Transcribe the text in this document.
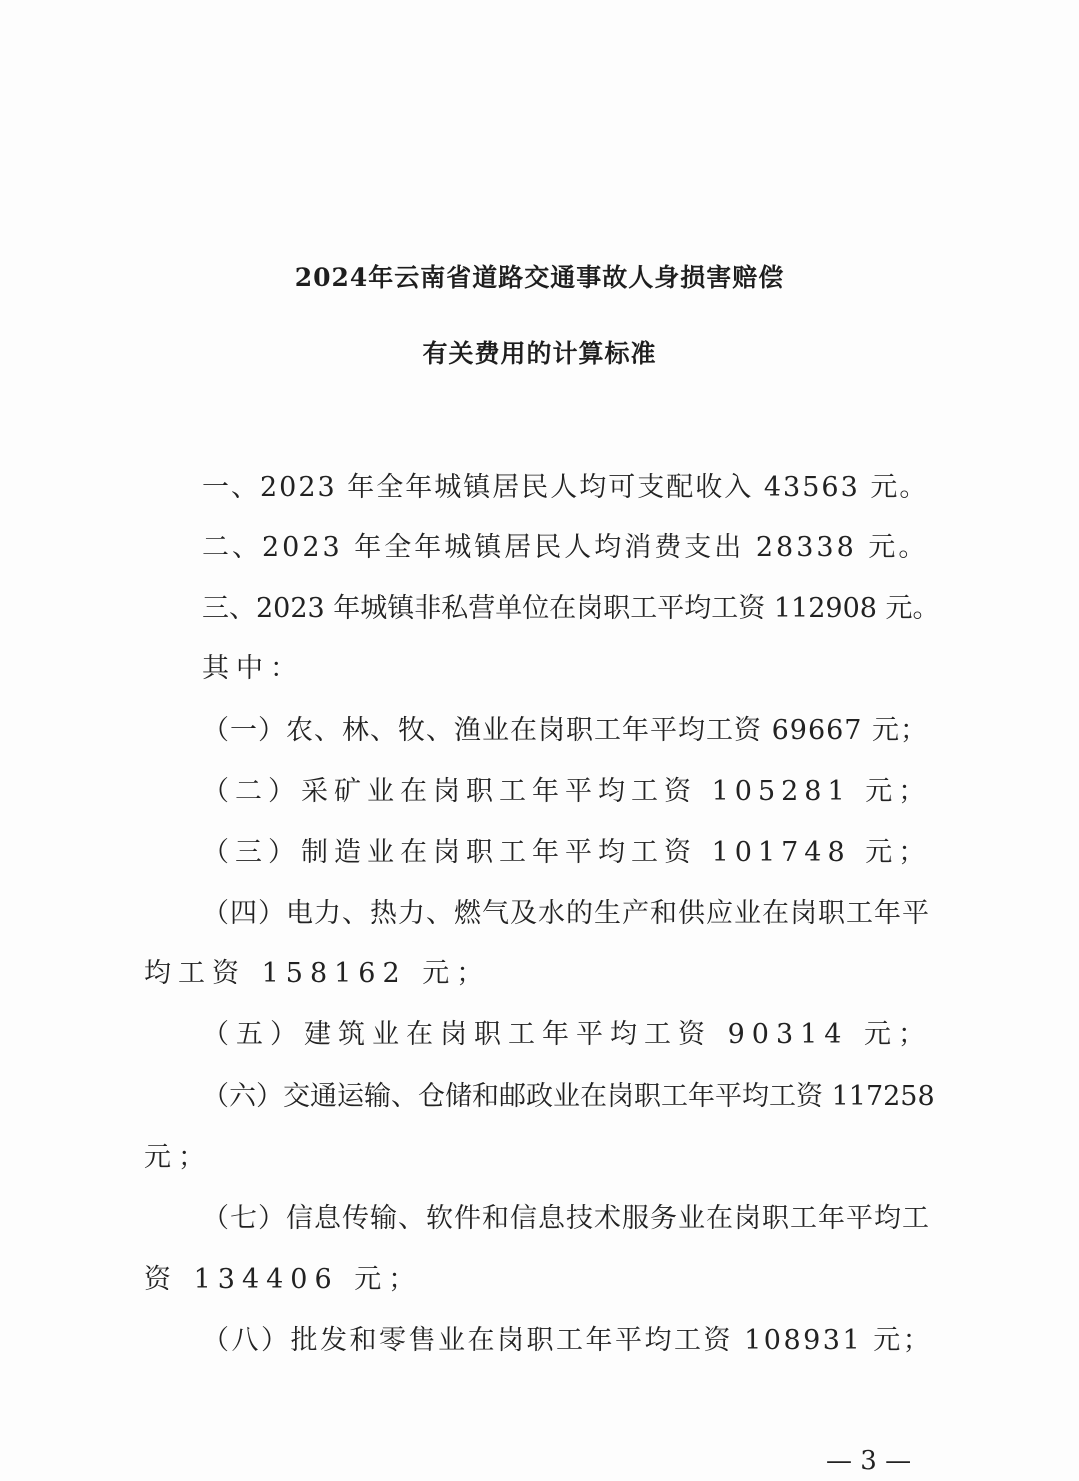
2024年云南省道路交通事故人身损害赔偿
有关费用的计算标准
一、2023 年全年城镇居民人均可支配收入 43563 元。
二、2023 年全年城镇居民人均消费支出 28338 元。
三、2023 年城镇非私营单位在岗职工平均工资 112908 元。
其中：
（一）农、林、牧、渔业在岗职工年平均工资 69667 元；
（二）采矿业在岗职工年平均工资 105281 元；
（三）制造业在岗职工年平均工资 101748 元；
（四）电力、热力、燃气及水的生产和供应业在岗职工年平
均工资 158162 元；
（五）建筑业在岗职工年平均工资 90314 元；
（六）交通运输、仓储和邮政业在岗职工年平均工资 117258
元；
（七）信息传输、软件和信息技术服务业在岗职工年平均工
资 134406 元；
（八）批发和零售业在岗职工年平均工资 108931 元；
— 3 —
